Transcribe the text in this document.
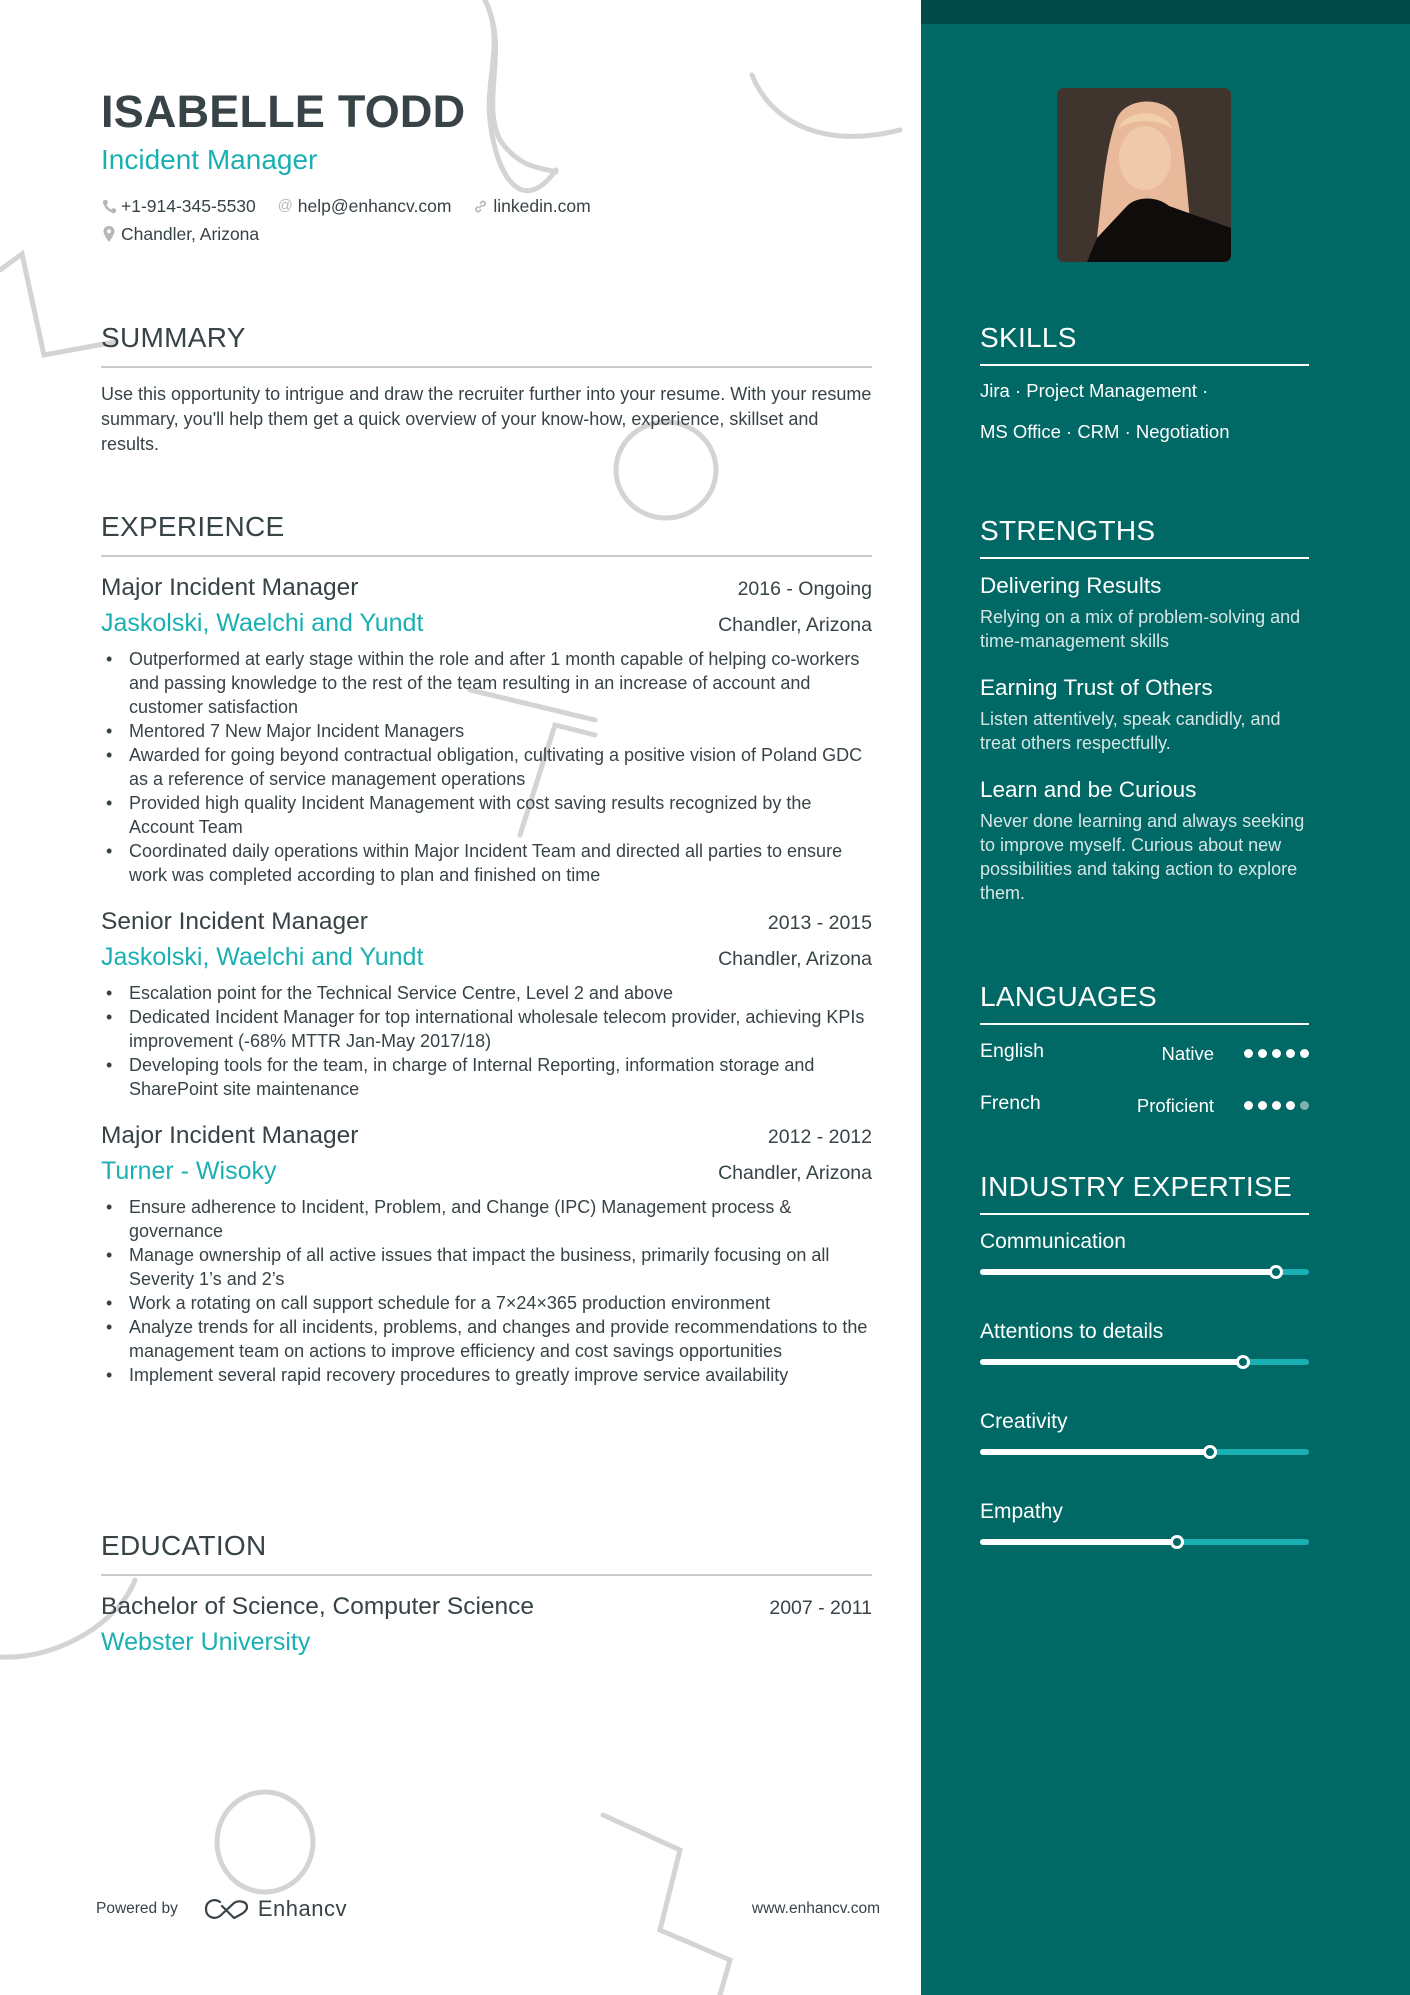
ISABELLE TODD
Incident Manager
+1-914-345-5530 @ help@enhancv.com linkedin.com
Chandler, Arizona
SUMMARY
Use this opportunity to intrigue and draw the recruiter further into your resume. With your resume summary, you'll help them get a quick overview of your know-how, experience, skillset and results.
EXPERIENCE
Major Incident Manager	2016 - Ongoing
Jaskolski, Waelchi and Yundt	Chandler, Arizona
• Outperformed at early stage within the role and after 1 month capable of helping co-workers and passing knowledge to the rest of the team resulting in an increase of account and customer satisfaction
• Mentored 7 New Major Incident Managers
• Awarded for going beyond contractual obligation, cultivating a positive vision of Poland GDC as a reference of service management operations
• Provided high quality Incident Management with cost saving results recognized by the Account Team
• Coordinated daily operations within Major Incident Team and directed all parties to ensure work was completed according to plan and finished on time
Senior Incident Manager	2013 - 2015
Jaskolski, Waelchi and Yundt	Chandler, Arizona
• Escalation point for the Technical Service Centre, Level 2 and above
• Dedicated Incident Manager for top international wholesale telecom provider, achieving KPIs improvement (-68% MTTR Jan-May 2017/18)
• Developing tools for the team, in charge of Internal Reporting, information storage and SharePoint site maintenance
Major Incident Manager	2012 - 2012
Turner - Wisoky	Chandler, Arizona
• Ensure adherence to Incident, Problem, and Change (IPC) Management process & governance
• Manage ownership of all active issues that impact the business, primarily focusing on all Severity 1’s and 2’s
• Work a rotating on call support schedule for a 7×24×365 production environment
• Analyze trends for all incidents, problems, and changes and provide recommendations to the management team on actions to improve efficiency and cost savings opportunities
• Implement several rapid recovery procedures to greatly improve service availability
EDUCATION
Bachelor of Science, Computer Science	2007 - 2011
Webster University
Powered by	Enhancv	www.enhancv.com
SKILLS
Jira · Project Management ·
MS Office · CRM · Negotiation
STRENGTHS
Delivering Results
Relying on a mix of problem-solving and time-management skills
Earning Trust of Others
Listen attentively, speak candidly, and treat others respectfully.
Learn and be Curious
Never done learning and always seeking to improve myself. Curious about new possibilities and taking action to explore them.
LANGUAGES
English	Native
French	Proficient
INDUSTRY EXPERTISE
Communication
Attentions to details
Creativity
Empathy
